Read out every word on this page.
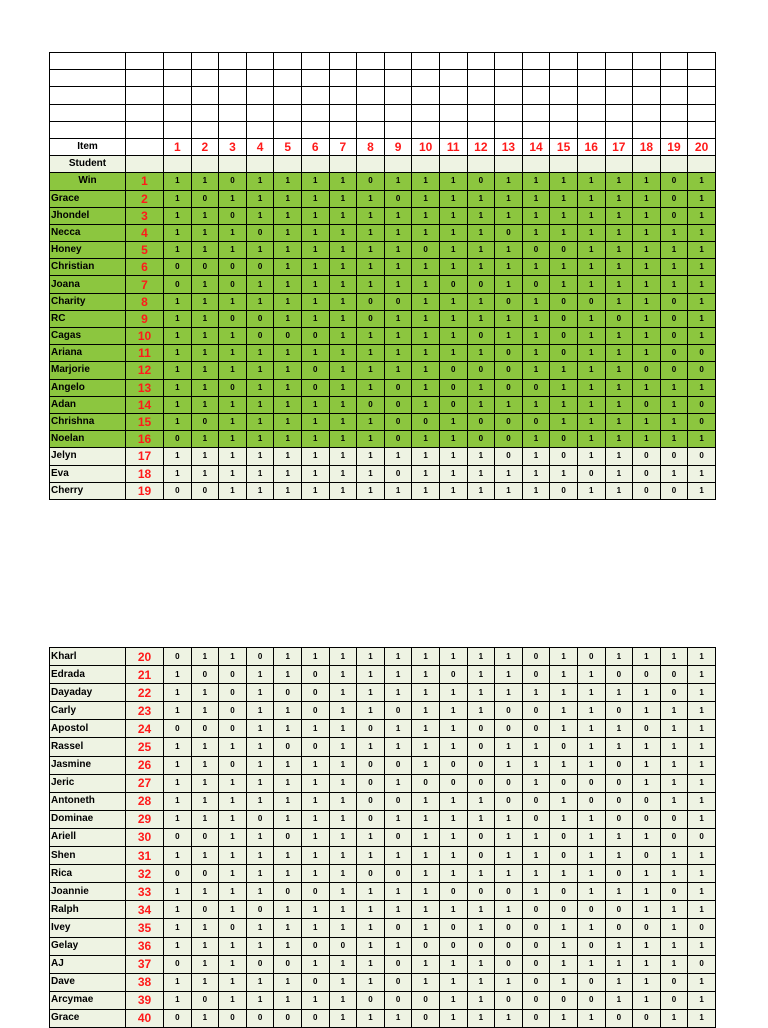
Item		1	2	3	4	5	6	7	8	9	10	11	12	13	14	15	16	17	18	19	20
Student																					
Win	1	1	1	0	1	1	1	1	0	1	1	1	0	1	1	1	1	1	1	0	1
Grace	2	1	0	1	1	1	1	1	1	0	1	1	1	1	1	1	1	1	1	0	1
Jhondel	3	1	1	0	1	1	1	1	1	1	1	1	1	1	1	1	1	1	1	0	1
Necca	4	1	1	1	0	1	1	1	1	1	1	1	1	0	1	1	1	1	1	1	1
Honey	5	1	1	1	1	1	1	1	1	1	0	1	1	1	0	0	1	1	1	1	1
Christian	6	0	0	0	0	1	1	1	1	1	1	1	1	1	1	1	1	1	1	1	1
Joana	7	0	1	0	1	1	1	1	1	1	1	0	0	1	0	1	1	1	1	1	1
Charity	8	1	1	1	1	1	1	1	0	0	1	1	1	0	1	0	0	1	1	0	1
RC	9	1	1	0	0	1	1	1	0	1	1	1	1	1	1	0	1	0	1	0	1
Cagas	10	1	1	1	0	0	0	1	1	1	1	1	0	1	1	0	1	1	1	0	1
Ariana	11	1	1	1	1	1	1	1	1	1	1	1	1	0	1	0	1	1	1	0	0
Marjorie	12	1	1	1	1	1	0	1	1	1	1	0	0	0	1	1	1	1	0	0	0
Angelo	13	1	1	0	1	1	0	1	1	0	1	0	1	0	0	1	1	1	1	1	1
Adan	14	1	1	1	1	1	1	1	0	0	1	0	1	1	1	1	1	1	0	1	0
Chrishna	15	1	0	1	1	1	1	1	1	0	0	1	0	0	0	1	1	1	1	1	0
Noelan	16	0	1	1	1	1	1	1	1	0	1	1	0	0	1	0	1	1	1	1	1
Jelyn	17	1	1	1	1	1	1	1	1	1	1	1	1	0	1	0	1	1	0	0	0
Eva	18	1	1	1	1	1	1	1	1	0	1	1	1	1	1	1	0	1	0	1	1
Cherry	19	0	0	1	1	1	1	1	1	1	1	1	1	1	1	0	1	1	0	0	1
Kharl	20	0	1	1	0	1	1	1	1	1	1	1	1	1	0	1	0	1	1	1	1
Edrada	21	1	0	0	1	1	0	1	1	1	1	0	1	1	0	1	1	0	0	0	1
Dayaday	22	1	1	0	1	0	0	1	1	1	1	1	1	1	1	1	1	1	1	0	1
Carly	23	1	1	0	1	1	0	1	1	0	1	1	1	0	0	1	1	0	1	1	1
Apostol	24	0	0	0	1	1	1	1	0	1	1	1	0	0	0	1	1	1	0	1	1
Rassel	25	1	1	1	1	0	0	1	1	1	1	1	0	1	1	0	1	1	1	1	1
Jasmine	26	1	1	0	1	1	1	1	0	0	1	0	0	1	1	1	1	0	1	1	1
Jeric	27	1	1	1	1	1	1	1	0	1	0	0	0	0	1	0	0	0	1	1	1
Antoneth	28	1	1	1	1	1	1	1	0	0	1	1	1	0	0	1	0	0	0	1	1
Dominae	29	1	1	1	0	1	1	1	0	1	1	1	1	1	0	1	1	0	0	0	1
Ariell	30	0	0	1	1	0	1	1	1	0	1	1	0	1	1	0	1	1	1	0	0
Shen	31	1	1	1	1	1	1	1	1	1	1	1	0	1	1	0	1	1	0	1	1
Rica	32	0	0	1	1	1	1	1	0	0	1	1	1	1	1	1	1	0	1	1	1
Joannie	33	1	1	1	1	0	0	1	1	1	1	0	0	0	1	0	1	1	1	0	1
Ralph	34	1	0	1	0	1	1	1	1	1	1	1	1	1	0	0	0	0	1	1	1
Ivey	35	1	1	0	1	1	1	1	1	0	1	0	1	0	0	1	1	0	0	1	0
Gelay	36	1	1	1	1	1	0	0	1	1	0	0	0	0	0	1	0	1	1	1	1
AJ	37	0	1	1	0	0	1	1	1	0	1	1	1	0	0	1	1	1	1	1	0
Dave	38	1	1	1	1	1	0	1	1	0	1	1	1	1	0	1	0	1	1	0	1
Arcymae	39	1	0	1	1	1	1	1	0	0	0	1	1	0	0	0	0	1	1	0	1
Grace	40	0	1	0	0	0	0	1	1	1	0	1	1	1	0	1	1	0	0	1	1
